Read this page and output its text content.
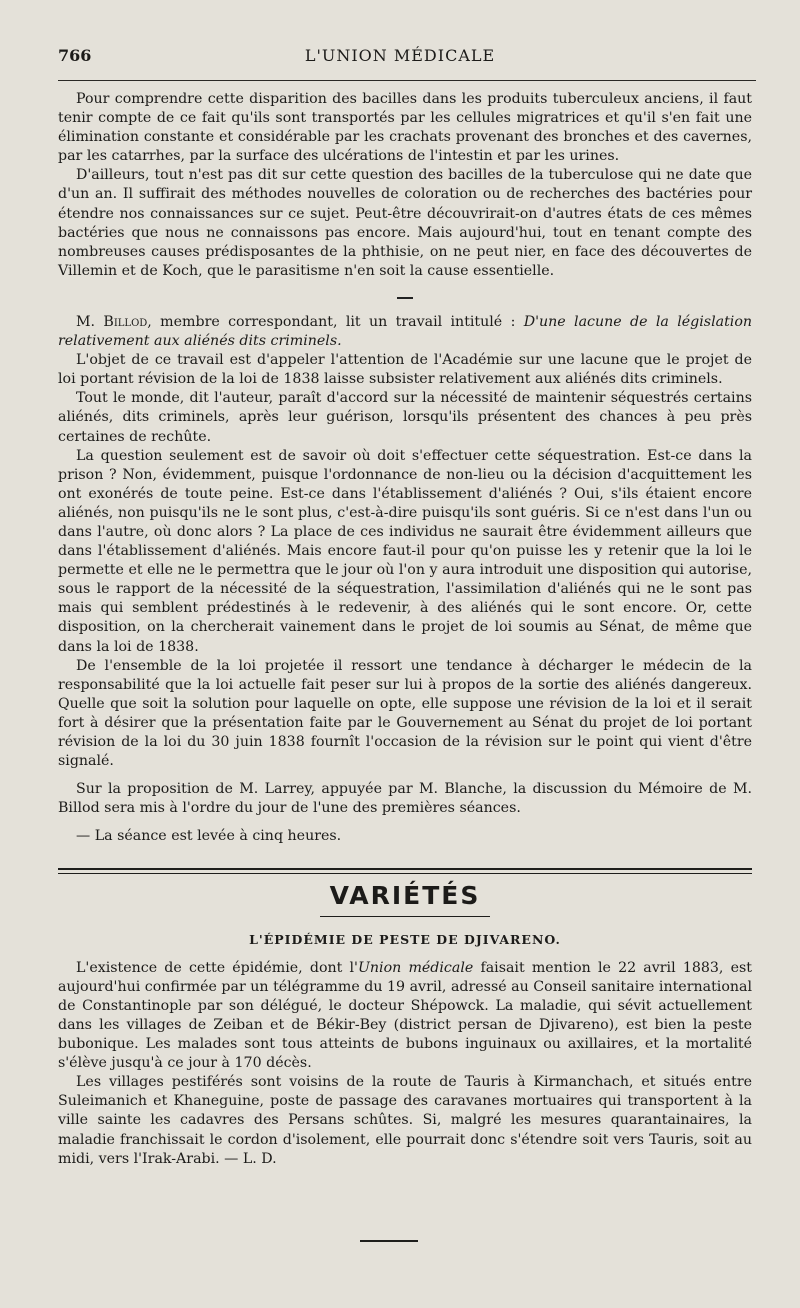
766	L'UNION MÉDICALE

Pour comprendre cette disparition des bacilles dans les produits tuberculeux anciens, il faut tenir compte de ce fait qu'ils sont transportés par les cellules migratrices et qu'il s'en fait une élimination constante et considérable par les crachats provenant des bronches et des cavernes, par les catarrhes, par la surface des ulcérations de l'intestin et par les urines.

D'ailleurs, tout n'est pas dit sur cette question des bacilles de la tuberculose qui ne date que d'un an. Il suffirait des méthodes nouvelles de coloration ou de recherches des bactéries pour étendre nos connaissances sur ce sujet. Peut-être découvrirait-on d'autres états de ces mêmes bactéries que nous ne connaissons pas encore. Mais aujourd'hui, tout en tenant compte des nombreuses causes prédisposantes de la phthisie, on ne peut nier, en face des découvertes de Villemin et de Koch, que le parasitisme n'en soit la cause essentielle.

M. Billod, membre correspondant, lit un travail intitulé : D'une lacune de la législation relativement aux aliénés dits criminels.

L'objet de ce travail est d'appeler l'attention de l'Académie sur une lacune que le projet de loi portant révision de la loi de 1838 laisse subsister relativement aux aliénés dits criminels.

Tout le monde, dit l'auteur, paraît d'accord sur la nécessité de maintenir séquestrés certains aliénés, dits criminels, après leur guérison, lorsqu'ils présentent des chances à peu près certaines de rechûte.

La question seulement est de savoir où doit s'effectuer cette séquestration. Est-ce dans la prison ? Non, évidemment, puisque l'ordonnance de non-lieu ou la décision d'acquittement les ont exonérés de toute peine. Est-ce dans l'établissement d'aliénés ? Oui, s'ils étaient encore aliénés, non puisqu'ils ne le sont plus, c'est-à-dire puisqu'ils sont guéris. Si ce n'est dans l'un ou dans l'autre, où donc alors ? La place de ces individus ne saurait être évidemment ailleurs que dans l'établissement d'aliénés. Mais encore faut-il pour qu'on puisse les y retenir que la loi le permette et elle ne le permettra que le jour où l'on y aura introduit une disposition qui autorise, sous le rapport de la nécessité de la séquestration, l'assimilation d'aliénés qui ne le sont pas mais qui semblent prédestinés à le redevenir, à des aliénés qui le sont encore. Or, cette disposition, on la chercherait vainement dans le projet de loi soumis au Sénat, de même que dans la loi de 1838.

De l'ensemble de la loi projetée il ressort une tendance à décharger le médecin de la responsabilité que la loi actuelle fait peser sur lui à propos de la sortie des aliénés dangereux. Quelle que soit la solution pour laquelle on opte, elle suppose une révision de la loi et il serait fort à désirer que la présentation faite par le Gouvernement au Sénat du projet de loi portant révision de la loi du 30 juin 1838 fournît l'occasion de la révision sur le point qui vient d'être signalé.

Sur la proposition de M. Larrey, appuyée par M. Blanche, la discussion du Mémoire de M. Billod sera mis à l'ordre du jour de l'une des premières séances.

— La séance est levée à cinq heures.

VARIÉTÉS
L'ÉPIDÉMIE DE PESTE DE DJIVARENO.

L'existence de cette épidémie, dont l'Union médicale faisait mention le 22 avril 1883, est aujourd'hui confirmée par un télégramme du 19 avril, adressé au Conseil sanitaire international de Constantinople par son délégué, le docteur Shépowck. La maladie, qui sévit actuellement dans les villages de Zeiban et de Békir-Bey (district persan de Djivareno), est bien la peste bubonique. Les malades sont tous atteints de bubons inguinaux ou axillaires, et la mortalité s'élève jusqu'à ce jour à 170 décès.

Les villages pestiférés sont voisins de la route de Tauris à Kirmanchach, et situés entre Suleimanich et Khaneguine, poste de passage des caravanes mortuaires qui transportent à la ville sainte les cadavres des Persans schûtes. Si, malgré les mesures quarantainaires, la maladie franchissait le cordon d'isolement, elle pourrait donc s'étendre soit vers Tauris, soit au midi, vers l'Irak-Arabi. — L. D.
